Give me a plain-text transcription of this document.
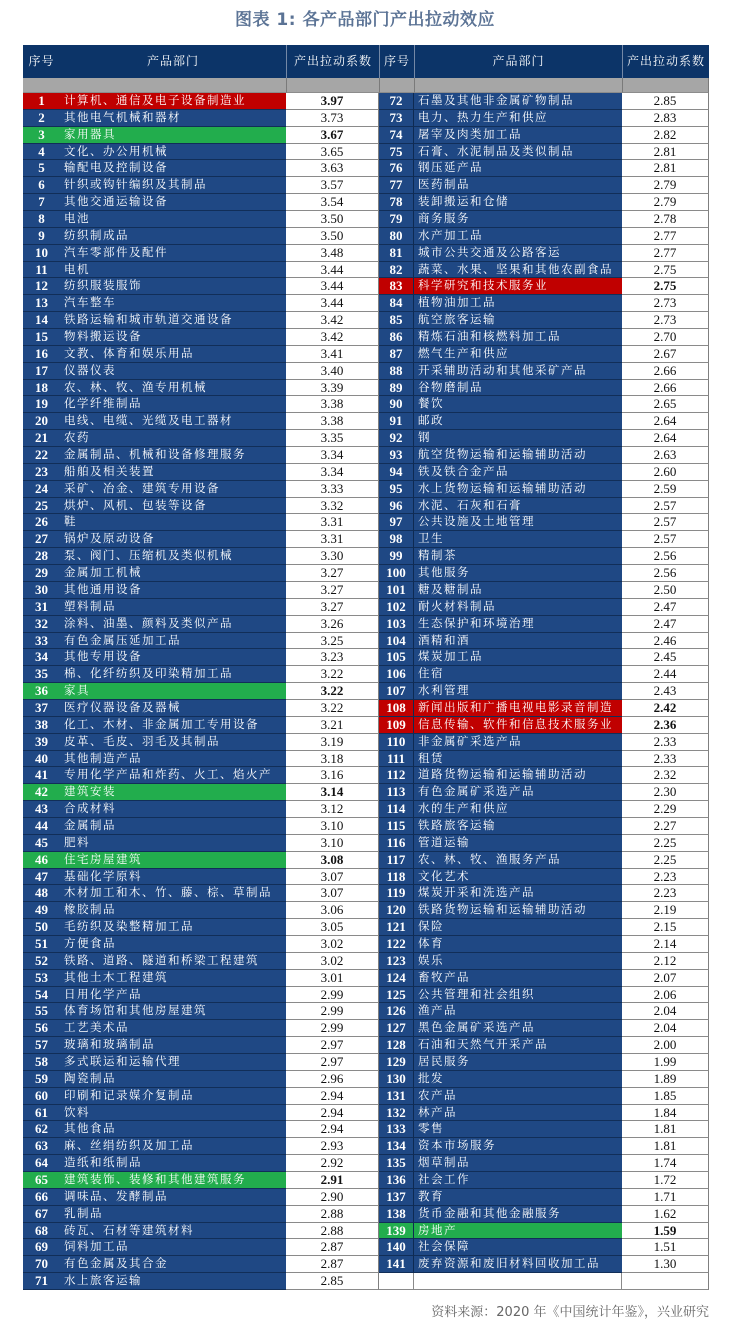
图表 1: 各产品部门产出拉动效应
序号	产品部门	产出拉动系数 序号	产品部门	产出拉动系数
1	计算机、通信及电子设备制造业	3.97	72	石墨及其他非金属矿物制品	2.85
2	其他电气机械和器材	3.73	73	电力、热力生产和供应	2.83
3	家用器具	3.67	74	屠宰及肉类加工品	2.82
4	文化、办公用机械	3.65	75	石膏、水泥制品及类似制品	2.81
5	输配电及控制设备	3.63	76	钢压延产品	2.81
6	针织或钩针编织及其制品	3.57	77	医药制品	2.79
7	其他交通运输设备	3.54	78	装卸搬运和仓储	2.79
8	电池	3.50	79	商务服务	2.78
9	纺织制成品	3.50	80	水产加工品	2.77
10	汽车零部件及配件	3.48	81	城市公共交通及公路客运	2.77
11	电机	3.44	82	蔬菜、水果、坚果和其他农副食品	2.75
12	纺织服装服饰	3.44	83	科学研究和技术服务业	2.75
13	汽车整车	3.44	84	植物油加工品	2.73
14	铁路运输和城市轨道交通设备	3.42	85	航空旅客运输	2.73
15	物料搬运设备	3.42	86	精炼石油和核燃料加工品	2.70
16	文教、体育和娱乐用品	3.41	87	燃气生产和供应	2.67
17	仪器仪表	3.40	88	开采辅助活动和其他采矿产品	2.66
18	农、林、牧、渔专用机械	3.39	89	谷物磨制品	2.66
19	化学纤维制品	3.38	90	餐饮	2.65
20	电线、电缆、光缆及电工器材	3.38	91	邮政	2.64
21	农药	3.35	92	钢	2.64
22	金属制品、机械和设备修理服务	3.34	93	航空货物运输和运输辅助活动	2.63
23	船舶及相关装置	3.34	94	铁及铁合金产品	2.60
24	采矿、冶金、建筑专用设备	3.33	95	水上货物运输和运输辅助活动	2.59
25	烘炉、风机、包装等设备	3.32	96	水泥、石灰和石膏	2.57
26	鞋	3.31	97	公共设施及土地管理	2.57
27	锅炉及原动设备	3.31	98	卫生	2.57
28	泵、阀门、压缩机及类似机械	3.30	99	精制茶	2.56
29	金属加工机械	3.27	100	其他服务	2.56
30	其他通用设备	3.27	101	糖及糖制品	2.50
31	塑料制品	3.27	102	耐火材料制品	2.47
32	涂料、油墨、颜料及类似产品	3.26	103	生态保护和环境治理	2.47
33	有色金属压延加工品	3.25	104	酒精和酒	2.46
34	其他专用设备	3.23	105	煤炭加工品	2.45
35	棉、化纤纺织及印染精加工品	3.22	106	住宿	2.44
36	家具	3.22	107	水利管理	2.43
37	医疗仪器设备及器械	3.22	108	新闻出版和广播电视电影录音制造	2.42
38	化工、木材、非金属加工专用设备	3.21	109	信息传输、软件和信息技术服务业	2.36
39	皮革、毛皮、羽毛及其制品	3.19	110	非金属矿采选产品	2.33
40	其他制造产品	3.18	111	租赁	2.33
41	专用化学产品和炸药、火工、焰火产	3.16	112	道路货物运输和运输辅助活动	2.32
42	建筑安装	3.14	113	有色金属矿采选产品	2.30
43	合成材料	3.12	114	水的生产和供应	2.29
44	金属制品	3.10	115	铁路旅客运输	2.27
45	肥料	3.10	116	管道运输	2.25
46	住宅房屋建筑	3.08	117	农、林、牧、渔服务产品	2.25
47	基础化学原料	3.07	118	文化艺术	2.23
48	木材加工和木、竹、藤、棕、草制品	3.07	119	煤炭开采和洗选产品	2.23
49	橡胶制品	3.06	120	铁路货物运输和运输辅助活动	2.19
50	毛纺织及染整精加工品	3.05	121	保险	2.15
51	方便食品	3.02	122	体育	2.14
52	铁路、道路、隧道和桥梁工程建筑	3.02	123	娱乐	2.12
53	其他土木工程建筑	3.01	124	畜牧产品	2.07
54	日用化学产品	2.99	125	公共管理和社会组织	2.06
55	体育场馆和其他房屋建筑	2.99	126	渔产品	2.04
56	工艺美术品	2.99	127	黑色金属矿采选产品	2.04
57	玻璃和玻璃制品	2.97	128	石油和天然气开采产品	2.00
58	多式联运和运输代理	2.97	129	居民服务	1.99
59	陶瓷制品	2.96	130	批发	1.89
60	印刷和记录媒介复制品	2.94	131	农产品	1.85
61	饮料	2.94	132	林产品	1.84
62	其他食品	2.94	133	零售	1.81
63	麻、丝绢纺织及加工品	2.93	134	资本市场服务	1.81
64	造纸和纸制品	2.92	135	烟草制品	1.74
65	建筑装饰、装修和其他建筑服务	2.91	136	社会工作	1.72
66	调味品、发酵制品	2.90	137	教育	1.71
67	乳制品	2.88	138	货币金融和其他金融服务	1.62
68	砖瓦、石材等建筑材料	2.88	139	房地产	1.59
69	饲料加工品	2.87	140	社会保障	1.51
70	有色金属及其合金	2.87	141	废弃资源和废旧材料回收加工品	1.30
71	水上旅客运输	2.85
资料来源：2020 年《中国统计年鉴》，兴业研究
